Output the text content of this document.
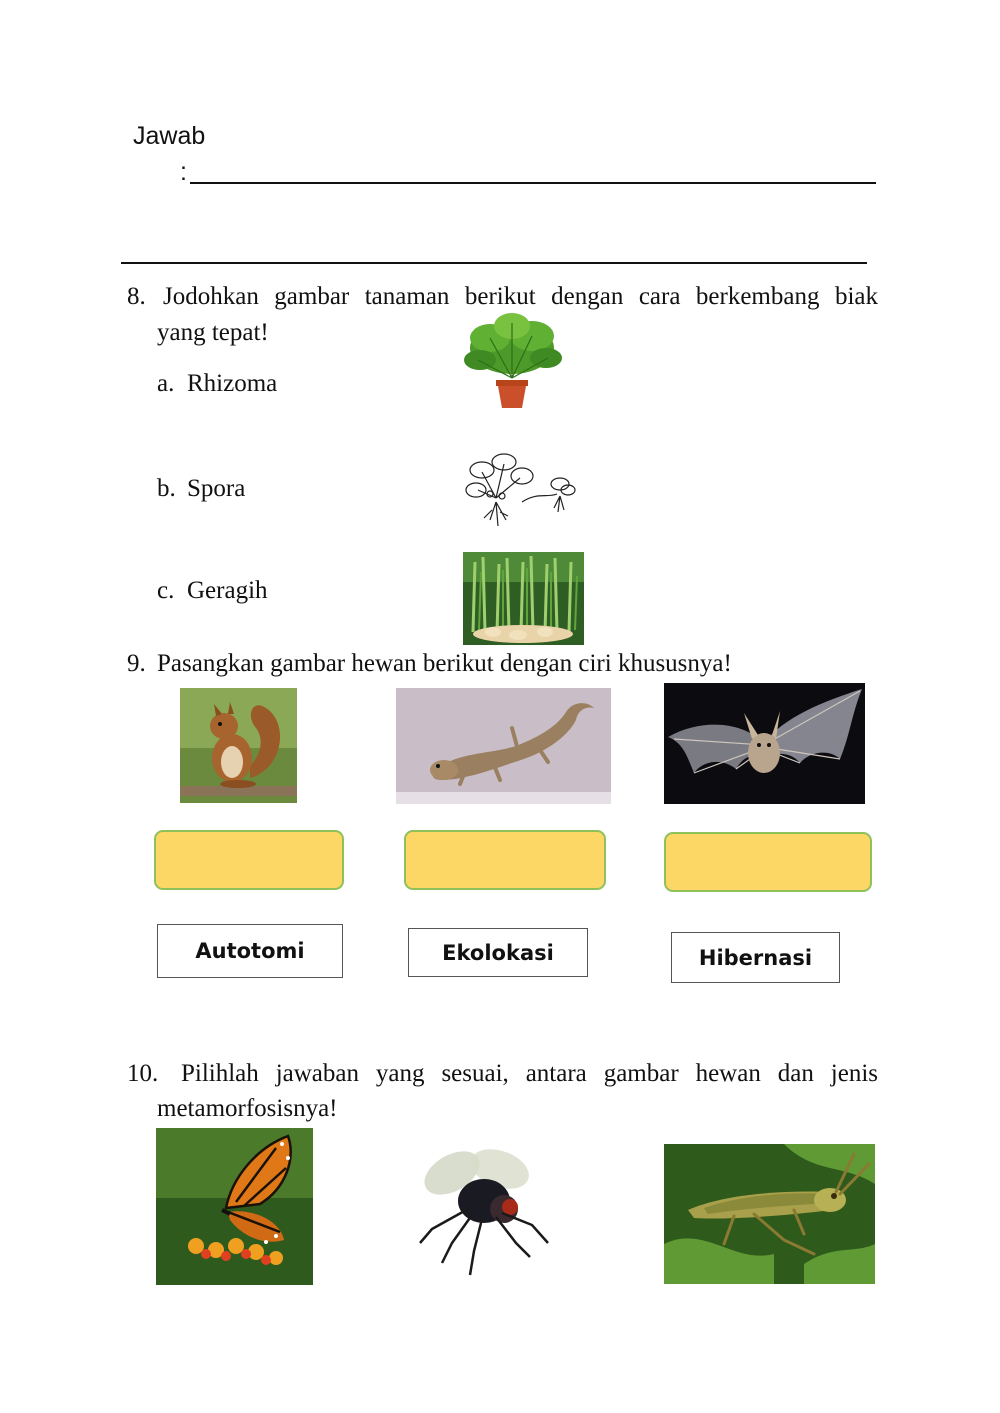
Jawab
:
8. Jodohkan gambar tanaman berikut dengan cara berkembang biak
yang tepat!
a. Rhizoma
b. Spora
c. Geragih
9. Pasangkan gambar hewan berikut dengan ciri khususnya!
Autotomi	Ekolokasi	Hibernasi
10. Pilihlah jawaban yang sesuai, antara gambar hewan dan jenis
metamorfosisnya!
